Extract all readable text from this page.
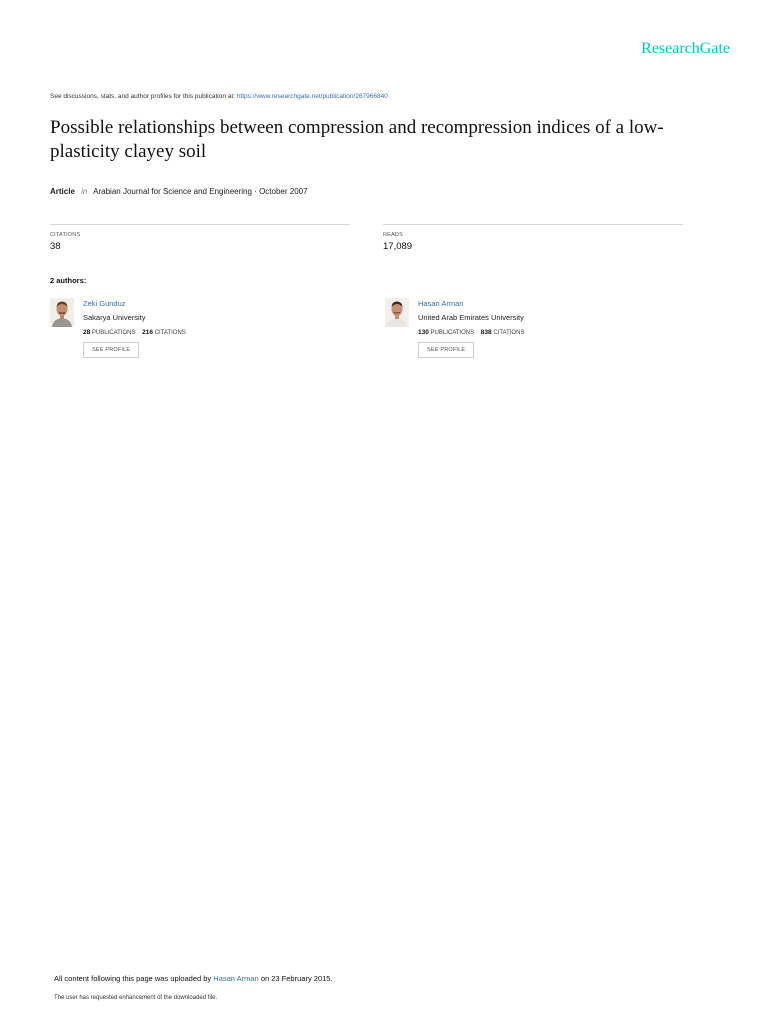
ResearchGate
See discussions, stats, and author profiles for this publication at: https://www.researchgate.net/publication/267966840
Possible relationships between compression and recompression indices of a low-plasticity clayey soil
Article in Arabian Journal for Science and Engineering · October 2007
CITATIONS
38
READS
17,089
2 authors:
Zeki Gunduz
Sakarya University
28 PUBLICATIONS 216 CITATIONS
SEE PROFILE
Hasan Arman
United Arab Emirates University
130 PUBLICATIONS 838 CITATIONS
SEE PROFILE
All content following this page was uploaded by Hasan Arman on 23 February 2015.
The user has requested enhancement of the downloaded file.
